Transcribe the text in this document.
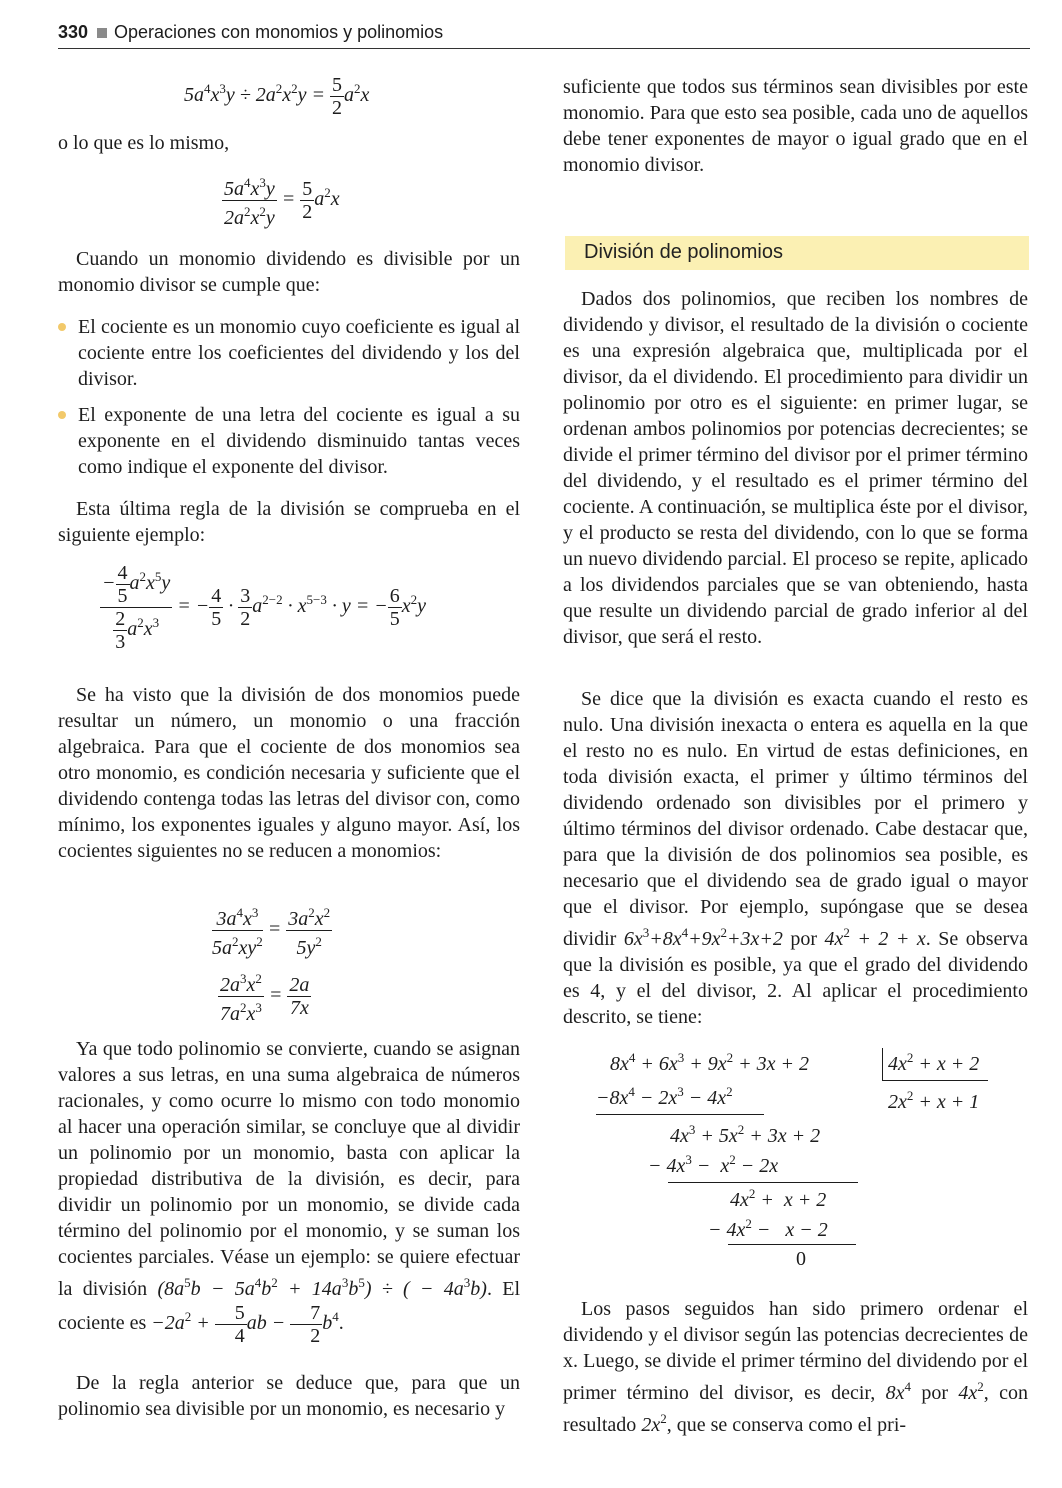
330 Operaciones con monomios y polinomios
$5a^4x^3y \div 2a^2x^2y = \frac{5}{2} a^2x$

o lo que es lo mismo,

$\frac{5a^4x^3y}{2a^2x^2y} = \frac{5}{2} a^2x$

Cuando un monomio dividendo es divisible por un monomio divisor se cumple que:

El cociente es un monomio cuyo coeficiente es igual al cociente entre los coeficientes del dividendo y los del divisor.
El exponente de una letra del cociente es igual a su exponente en el dividendo disminuido tantas veces como indique el exponente del divisor.

Esta última regla de la división se comprueba en el siguiente ejemplo:

$\frac{- \frac{4}{5} a^2x^5y}{\frac{2}{3} a^2x^3}$ = − $\frac{4}{5} \cdot \frac{3}{2} a^{2-2} \cdot x^{5-3} \cdot y$ = − $\frac{6}{5} x^2y$

Se ha visto que la división de dos monomios puede resultar un número, un monomio o una fracción algebraica. Para que el cociente de dos monomios sea otro monomio, es condición necesaria y suficiente que el dividendo contenga todas las letras del divisor con, como mínimo, los exponentes iguales y alguno mayor. Así, los cocientes siguientes no se reducen a monomios:

$\frac{3a^4x^3}{5a^2xy^2} = \frac{3a^2x^2}{5y^2}$
$\frac{2a^3x^2}{7a^2x^3} = \frac{2a}{7x}$

Ya que todo polinomio se convierte, cuando se asignan valores a sus letras, en una suma algebraica de números racionales, y como ocurre lo mismo con todo monomio al hacer una operación similar, se concluye que al dividir un polinomio por un monomio, basta con aplicar la propiedad distributiva de la división, es decir, para dividir un polinomio por un monomio, se divide cada término del polinomio por el monomio, y se suman los cocientes parciales. Véase un ejemplo: se quiere efectuar la división $(8a^5b - 5a^4b^2 + 14a^3b^5)$ ÷ ( − $4a^3b$). El cociente es $-2a^2 + \frac{5}{4}$ ab − $\frac{7}{2} b^4$.

De la regla anterior se deduce que, para que un polinomio sea divisible por un monomio, es necesario y

suficiente que todos sus términos sean divisibles por este monomio. Para que esto sea posible, cada uno de aquellos debe tener exponentes de mayor o igual grado que en el monomio divisor.

División de polinomios

Dados dos polinomios, que reciben los nombres de dividendo y divisor, el resultado de la división o cociente es una expresión algebraica que, multiplicada por el divisor, da el dividendo. El procedimiento para dividir un polinomio por otro es el siguiente: en primer lugar, se ordenan ambos polinomios por potencias decrecientes; se divide el primer término del divisor por el primer término del dividendo, y el resultado es el primer término del cociente. A continuación, se multiplica éste por el divisor, y el producto se resta del dividendo, con lo que se forma un nuevo dividendo parcial. El proceso se repite, aplicado a los dividendos parciales que se van obteniendo, hasta que resulte un dividendo parcial de grado inferior al del divisor, que será el resto.

Se dice que la división es exacta cuando el resto es nulo. Una división inexacta o entera es aquella en la que el resto no es nulo. En virtud de estas definiciones, en toda división exacta, el primer y último términos del dividendo ordenado son divisibles por el primero y último términos del divisor ordenado. Cabe destacar que, para que la división de dos polinomios sea posible, es necesario que el dividendo sea de grado igual o mayor que el divisor. Por ejemplo, supóngase que se desea dividir $6x^3+8x^4+9x^2+3x+2$ por $4x^2 + 2 + x$. Se observa que la división es posible, ya que el grado del dividendo es 4, y el del divisor, 2. Al aplicar el procedimiento descrito, se tiene:

$8x^4 + 6x^3 + 9x^2 + 3x + 2$	$4x^2 + x + 2$
$-8x^4 - 2x^3 - 4x^2$	$2x^2 + x + 1$
$4x^3 + 5x^2 + 3x + 2$
− $4x^3 - x^2 - 2x$
$4x^2 + x + 2$
− $4x^2 - x - 2$
0

Los pasos seguidos han sido primero ordenar el dividendo y el divisor según las potencias decrecientes de x. Luego, se divide el primer término del dividendo por el primer término del divisor, es decir, $8x^4$ por $4x^2$, con resultado $2x^2$, que se conserva como el pri-
